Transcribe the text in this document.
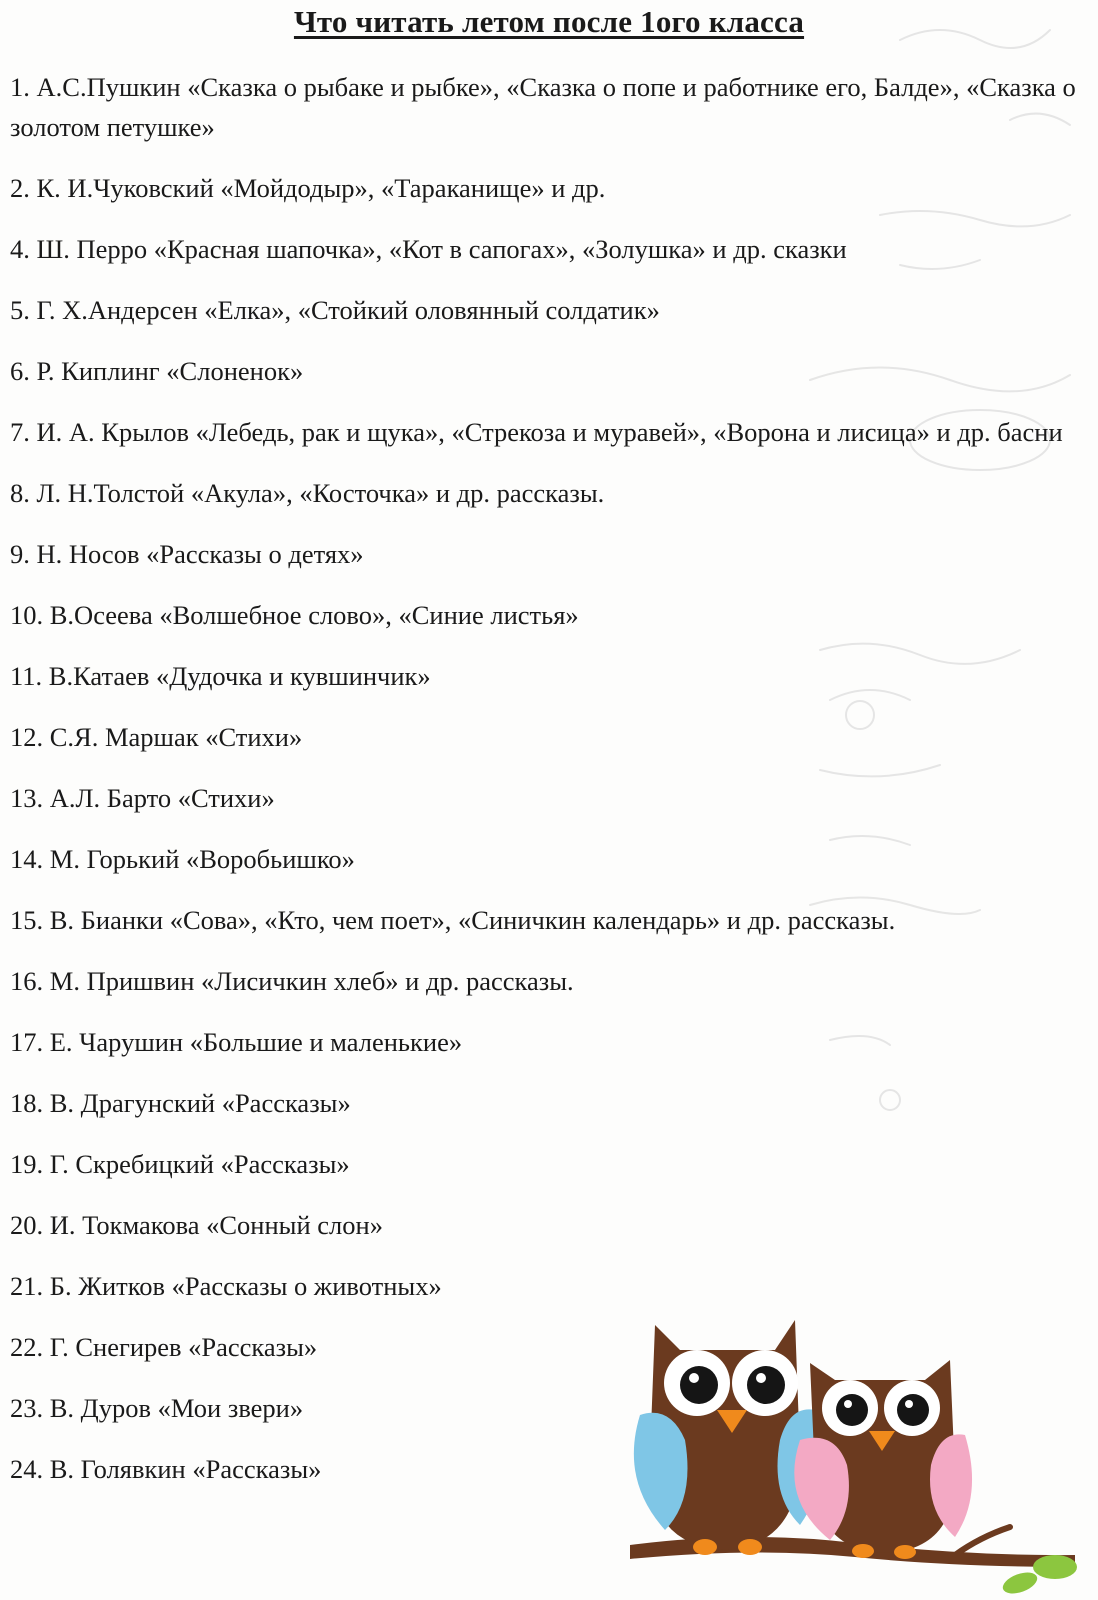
Что читать летом после 1ого класса

1. А.С.Пушкин «Сказка о рыбаке и рыбке», «Сказка о попе и работнике его, Балде», «Сказка о золотом петушке»

2. К. И.Чуковский «Мойдодыр», «Тараканище» и др.

4. Ш. Перро «Красная шапочка», «Кот в сапогах», «Золушка» и др. сказки

5. Г. Х.Андерсен «Елка», «Стойкий оловянный солдатик»

6. Р. Киплинг «Слоненок»

7. И. А. Крылов «Лебедь, рак и щука», «Стрекоза и муравей», «Ворона и лисица» и др. басни

8. Л. Н.Толстой «Акула», «Косточка» и др. рассказы.

9. Н. Носов «Рассказы о детях»

10. В.Осеева «Волшебное слово», «Синие листья»

11. В.Катаев «Дудочка и кувшинчик»

12. С.Я. Маршак «Стихи»

13. А.Л. Барто «Стихи»

14. М. Горький «Воробьишко»

15. В. Бианки «Сова», «Кто, чем поет», «Синичкин календарь» и др. рассказы.

16. М. Пришвин «Лисичкин хлеб» и др. рассказы.

17. Е. Чарушин «Большие и маленькие»

18. В. Драгунский «Рассказы»

19. Г. Скребицкий «Рассказы»

20. И. Токмакова «Сонный слон»

21. Б. Житков «Рассказы о животных»

22. Г. Снегирев «Рассказы»

23. В. Дуров «Мои звери»

24. В. Голявкин «Рассказы»
